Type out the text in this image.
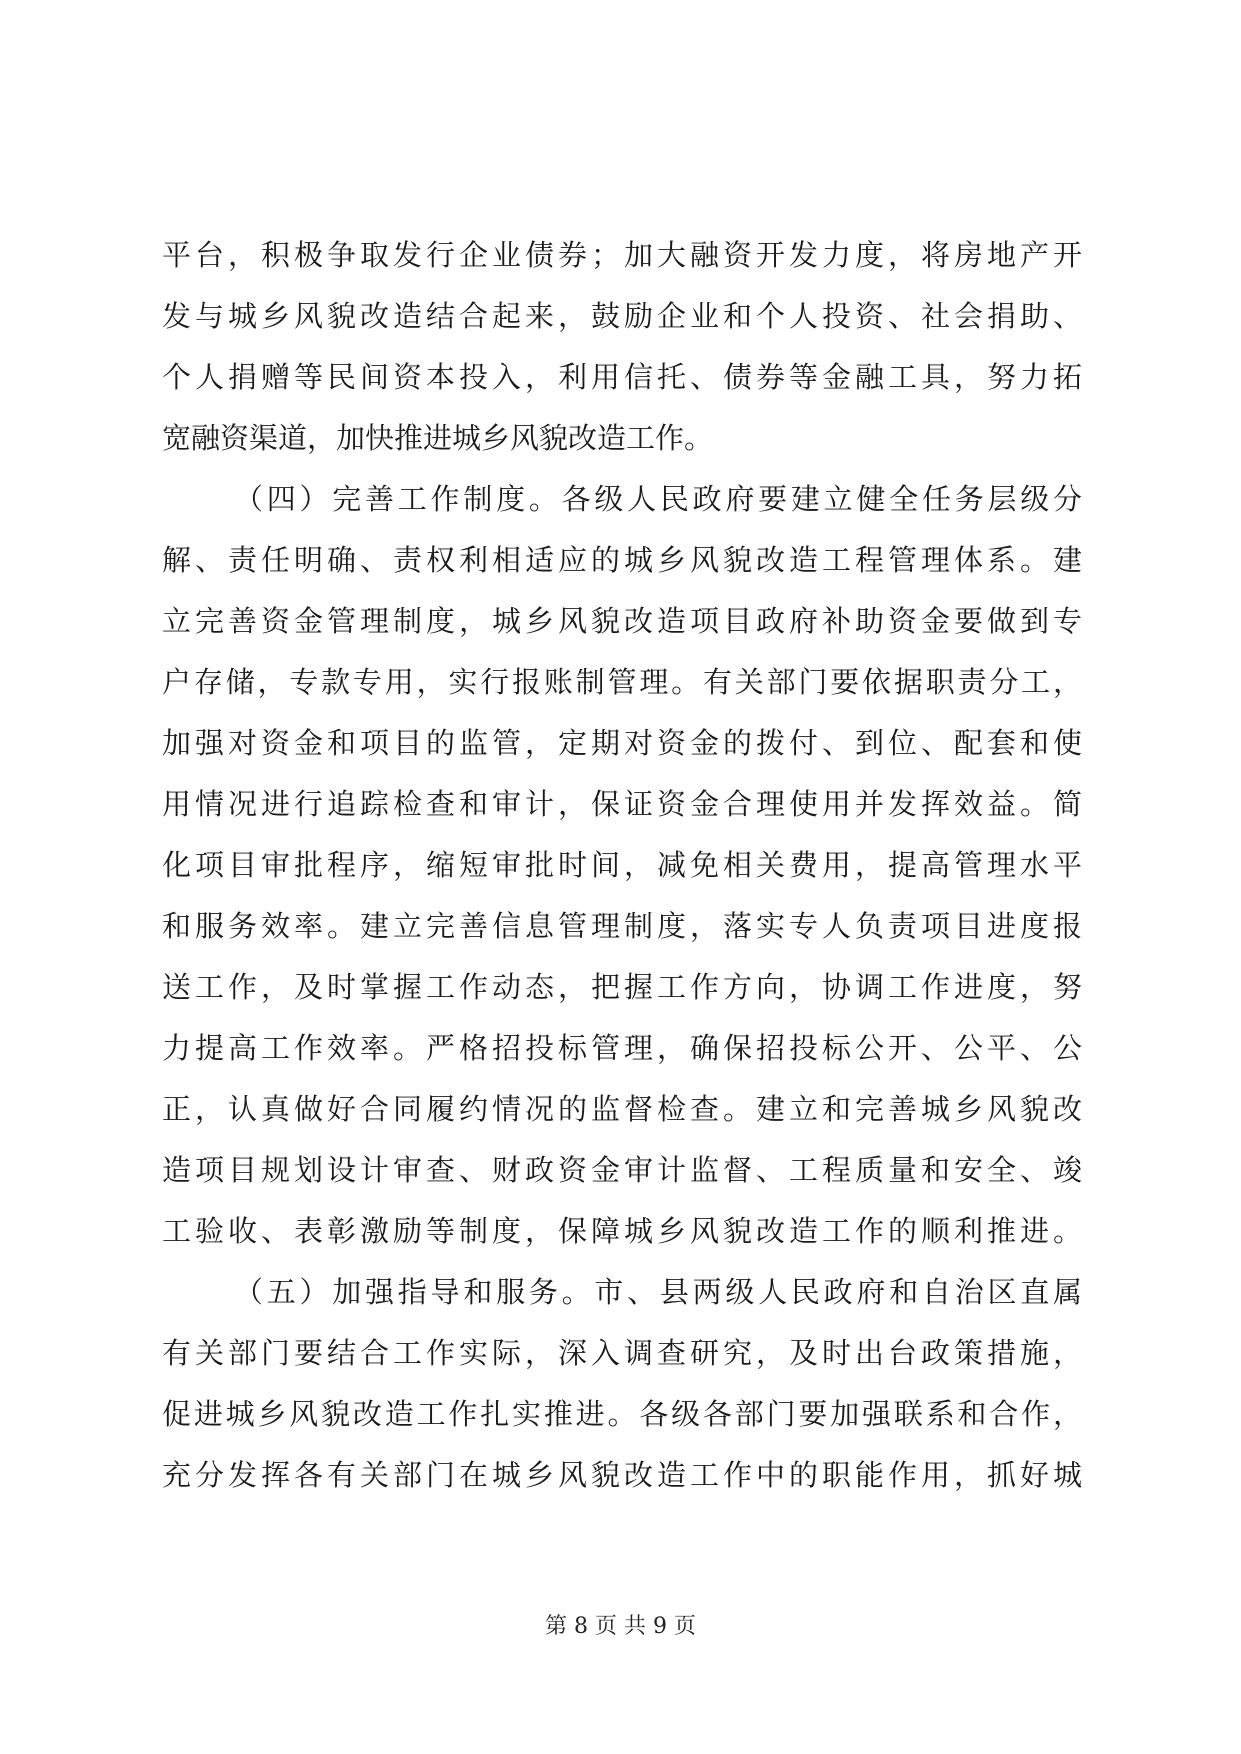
平台，积极争取发行企业债券；加大融资开发力度，将房地产开
发与城乡风貌改造结合起来，鼓励企业和个人投资、社会捐助、
个人捐赠等民间资本投入，利用信托、债券等金融工具，努力拓
宽融资渠道，加快推进城乡风貌改造工作。
（四）完善工作制度。各级人民政府要建立健全任务层级分
解、责任明确、责权利相适应的城乡风貌改造工程管理体系。建
立完善资金管理制度，城乡风貌改造项目政府补助资金要做到专
户存储，专款专用，实行报账制管理。有关部门要依据职责分工，
加强对资金和项目的监管，定期对资金的拨付、到位、配套和使
用情况进行追踪检查和审计，保证资金合理使用并发挥效益。简
化项目审批程序，缩短审批时间，减免相关费用，提高管理水平
和服务效率。建立完善信息管理制度，落实专人负责项目进度报
送工作，及时掌握工作动态，把握工作方向，协调工作进度，努
力提高工作效率。严格招投标管理，确保招投标公开、公平、公
正，认真做好合同履约情况的监督检查。建立和完善城乡风貌改
造项目规划设计审查、财政资金审计监督、工程质量和安全、竣
工验收、表彰激励等制度，保障城乡风貌改造工作的顺利推进。
（五）加强指导和服务。市、县两级人民政府和自治区直属
有关部门要结合工作实际，深入调查研究，及时出台政策措施，
促进城乡风貌改造工作扎实推进。各级各部门要加强联系和合作，
充分发挥各有关部门在城乡风貌改造工作中的职能作用，抓好城
第 8 页 共 9 页
